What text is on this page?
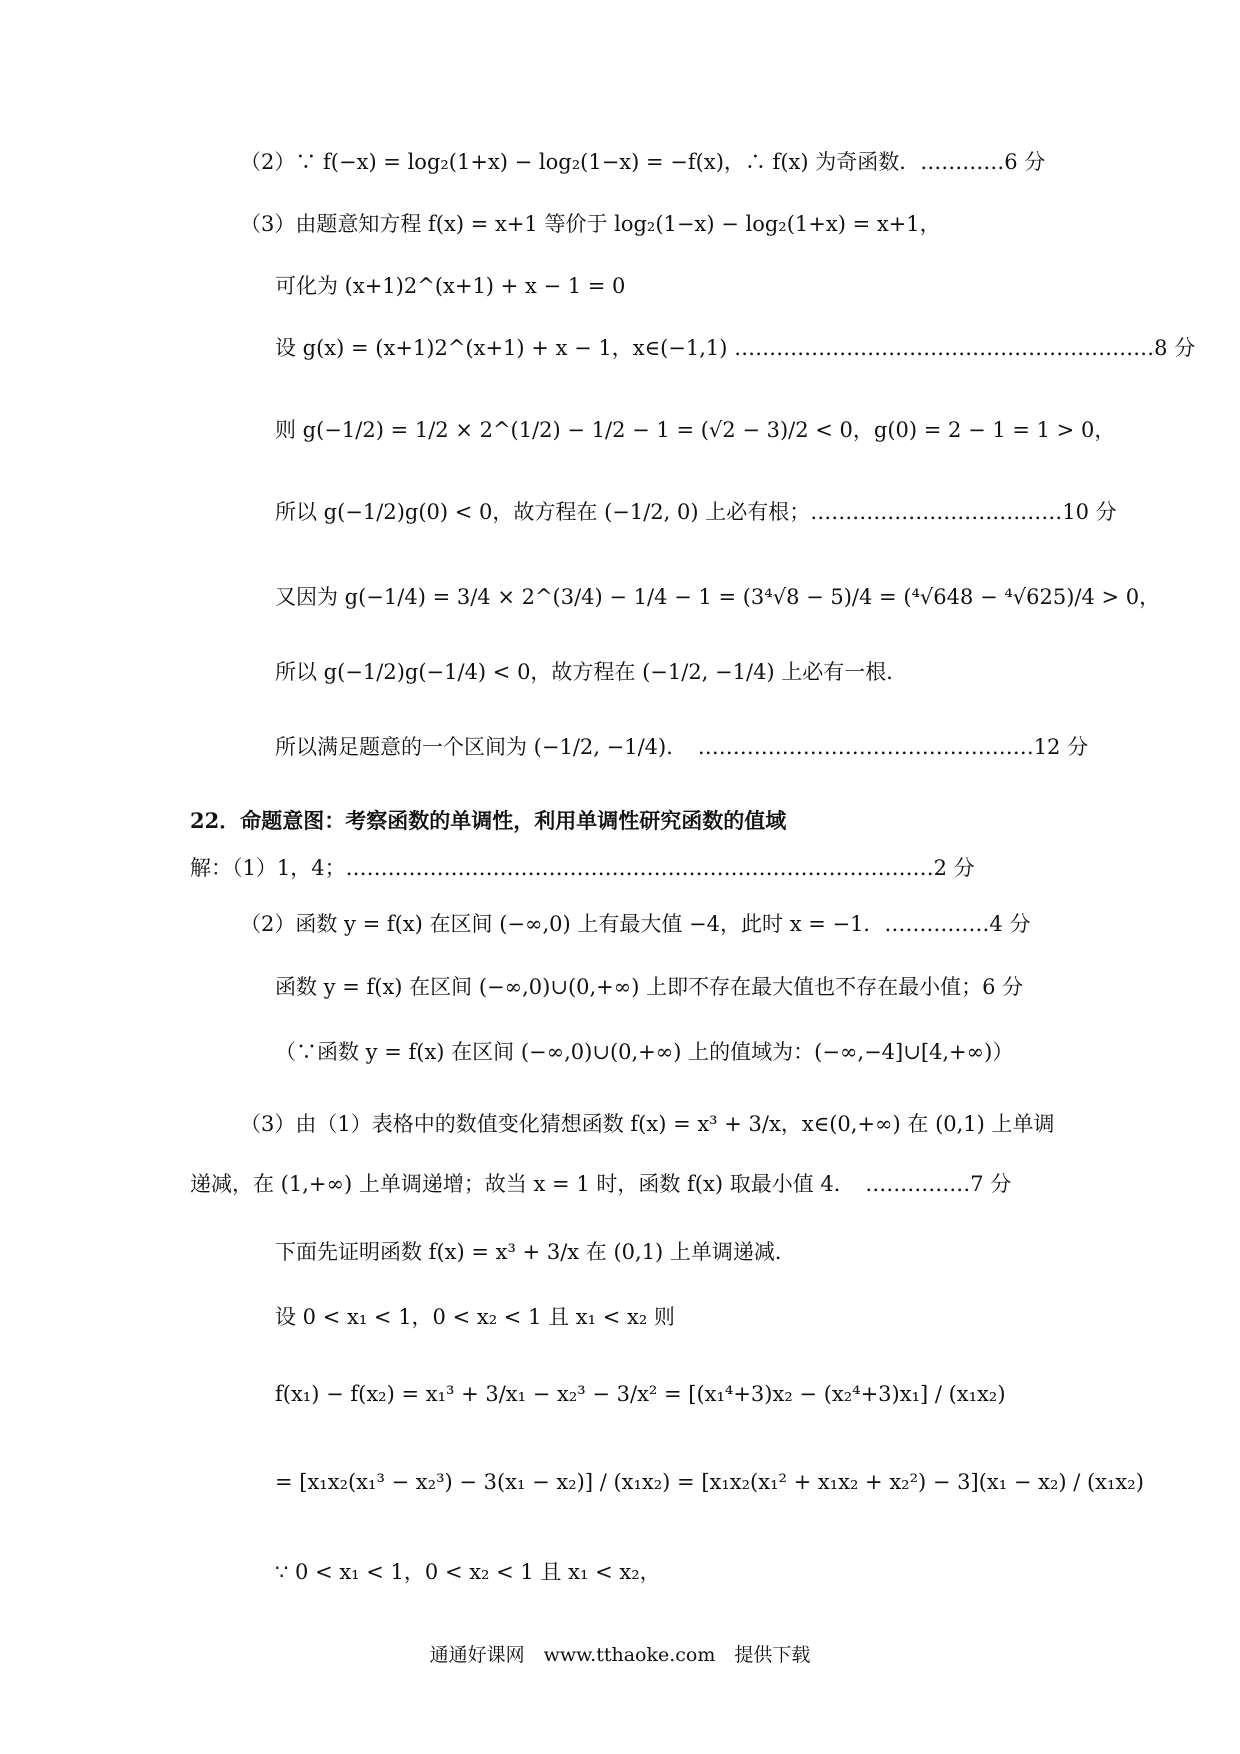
（2）∵ f(−x) = log₂(1+x) − log₂(1−x) = −f(x)，∴ f(x) 为奇函数．…………6 分
（3）由题意知方程 f(x) = x+1 等价于 log₂(1−x) − log₂(1+x) = x+1，
可化为 (x+1)2^(x+1) + x − 1 = 0
设 g(x) = (x+1)2^(x+1) + x − 1，x∈(−1,1) ……………………………………………………8 分
则 g(−1/2) = 1/2 × 2^(1/2) − 1/2 − 1 = (√2 − 3)/2 < 0，g(0) = 2 − 1 = 1 > 0，
所以 g(−1/2)g(0) < 0，故方程在 (−1/2, 0) 上必有根；………………………………10 分
又因为 g(−1/4) = 3/4 × 2^(3/4) − 1/4 − 1 = (3⁴√8 − 5)/4 = (⁴√648 − ⁴√625)/4 > 0，
所以 g(−1/2)g(−1/4) < 0，故方程在 (−1/2, −1/4) 上必有一根．
所以满足题意的一个区间为 (−1/2, −1/4)．　…………………………………………12 分
22．命题意图：考察函数的单调性，利用单调性研究函数的值域
解：（1）1，4；…………………………………………………………………………2 分
（2）函数 y = f(x) 在区间 (−∞,0) 上有最大值 −4，此时 x = −1．……………4 分
函数 y = f(x) 在区间 (−∞,0)∪(0,+∞) 上即不存在最大值也不存在最小值；6 分
（∵函数 y = f(x) 在区间 (−∞,0)∪(0,+∞) 上的值域为：(−∞,−4]∪[4,+∞)）
（3）由（1）表格中的数值变化猜想函数 f(x) = x³ + 3/x，x∈(0,+∞) 在 (0,1) 上单调
递减，在 (1,+∞) 上单调递增；故当 x = 1 时，函数 f(x) 取最小值 4．　……………7 分
下面先证明函数 f(x) = x³ + 3/x 在 (0,1) 上单调递减．
设 0 < x₁ < 1，0 < x₂ < 1 且 x₁ < x₂ 则
f(x₁) − f(x₂) = x₁³ + 3/x₁ − x₂³ − 3/x² = [(x₁⁴+3)x₂ − (x₂⁴+3)x₁] / (x₁x₂)
= [x₁x₂(x₁³ − x₂³) − 3(x₁ − x₂)] / (x₁x₂) = [x₁x₂(x₁² + x₁x₂ + x₂²) − 3](x₁ − x₂) / (x₁x₂)
∵ 0 < x₁ < 1，0 < x₂ < 1 且 x₁ < x₂，
通通好课网　www.tthaoke.com　提供下载
